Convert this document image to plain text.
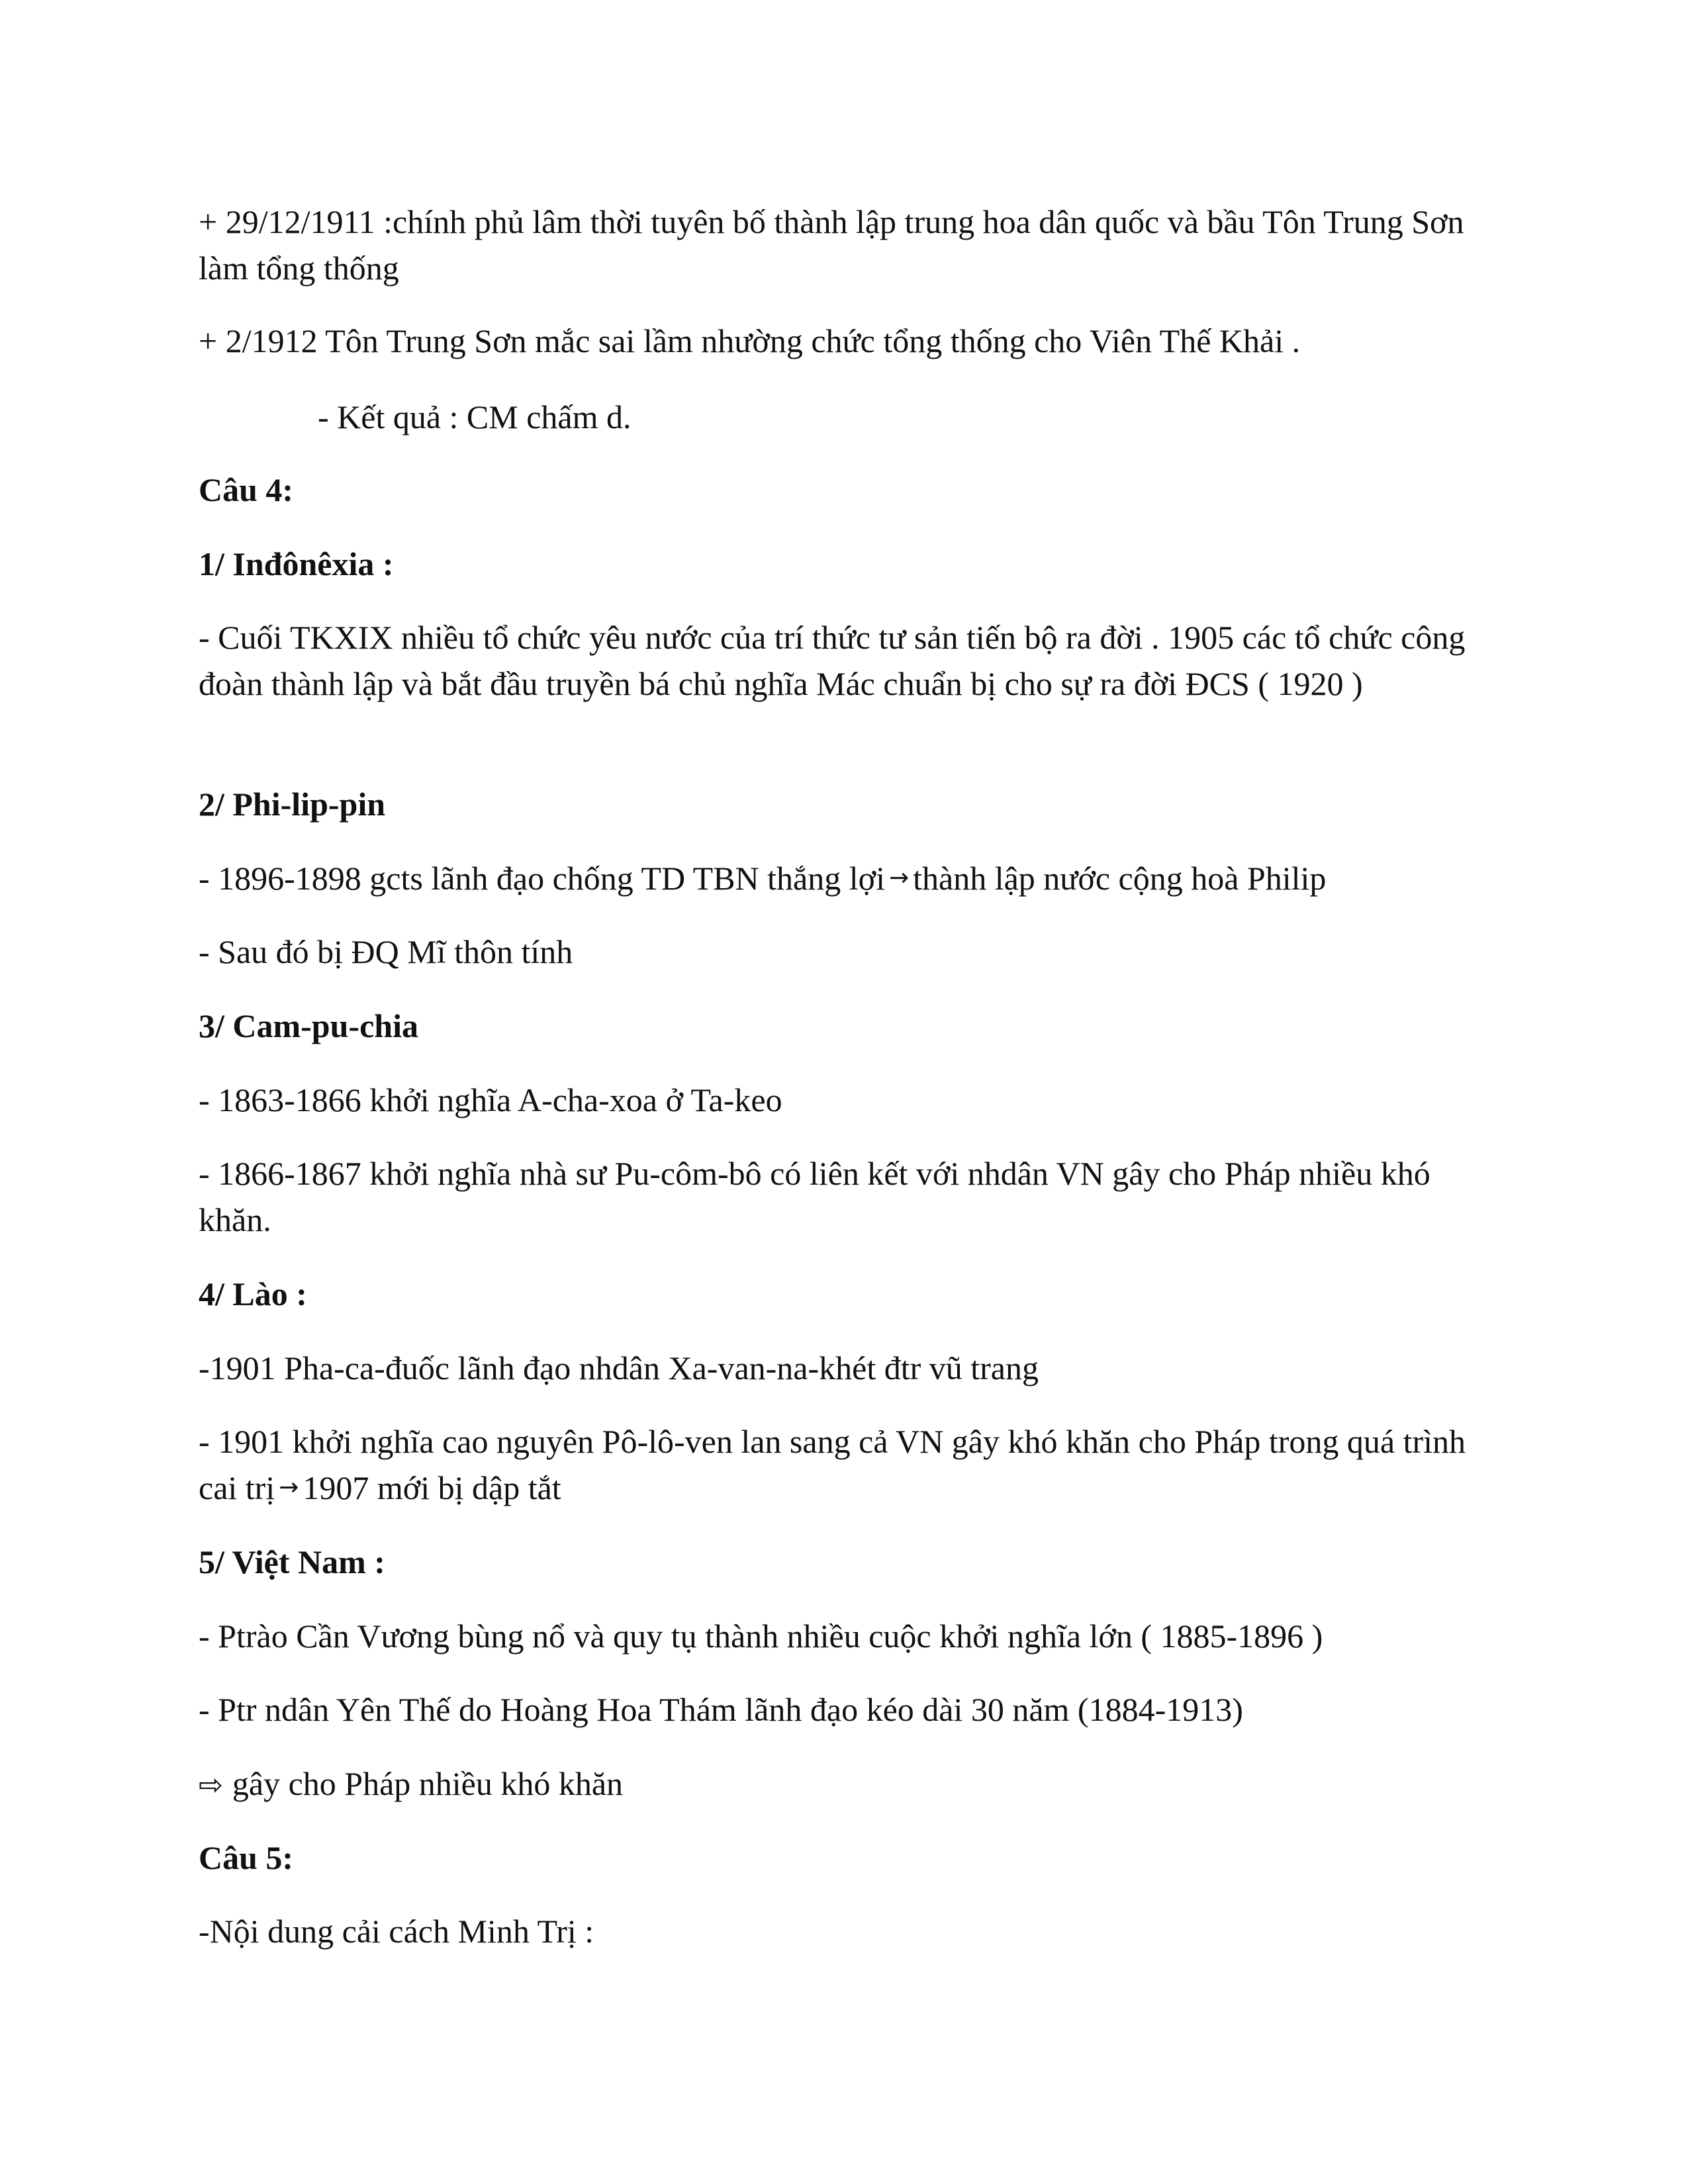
+ 29/12/1911 :chính phủ lâm thời tuyên bố thành lập trung hoa dân quốc và bầu Tôn Trung Sơn làm tổng thống

+ 2/1912 Tôn Trung Sơn mắc sai lầm nhường chức tổng thống cho Viên Thế Khải .

- Kết quả : CM chấm d.

Câu 4:

1/ Inđônêxia :

- Cuối TKXIX nhiều tổ chức yêu nước của trí thức tư sản tiến bộ ra đời . 1905 các tổ chức công đoàn thành lập và bắt đầu truyền bá chủ nghĩa Mác chuẩn bị cho sự ra đời ĐCS ( 1920 )

2/ Phi-lip-pin

- 1896-1898 gcts lãnh đạo chống TD TBN thắng lợi → thành lập nước cộng hoà Philip

- Sau đó bị ĐQ Mĩ thôn tính

3/ Cam-pu-chia

- 1863-1866 khởi nghĩa A-cha-xoa ở Ta-keo

- 1866-1867 khởi nghĩa nhà sư Pu-côm-bô có liên kết với nhdân VN gây cho Pháp nhiều khó khăn.

4/ Lào :

-1901 Pha-ca-đuốc lãnh đạo nhdân Xa-van-na-khét đtr vũ trang

- 1901 khởi nghĩa cao nguyên Pô-lô-ven lan sang cả VN gây khó khăn cho Pháp trong quá trình cai trị → 1907 mới bị dập tắt

5/ Việt Nam :

- Ptrào Cần Vương bùng nổ và quy tụ thành nhiều cuộc khởi nghĩa lớn ( 1885-1896 )

- Ptr ndân Yên Thế do Hoàng Hoa Thám lãnh đạo kéo dài 30 năm (1884-1913)

⇨ gây cho Pháp nhiều khó khăn

Câu 5:

-Nội dung cải cách Minh Trị :
